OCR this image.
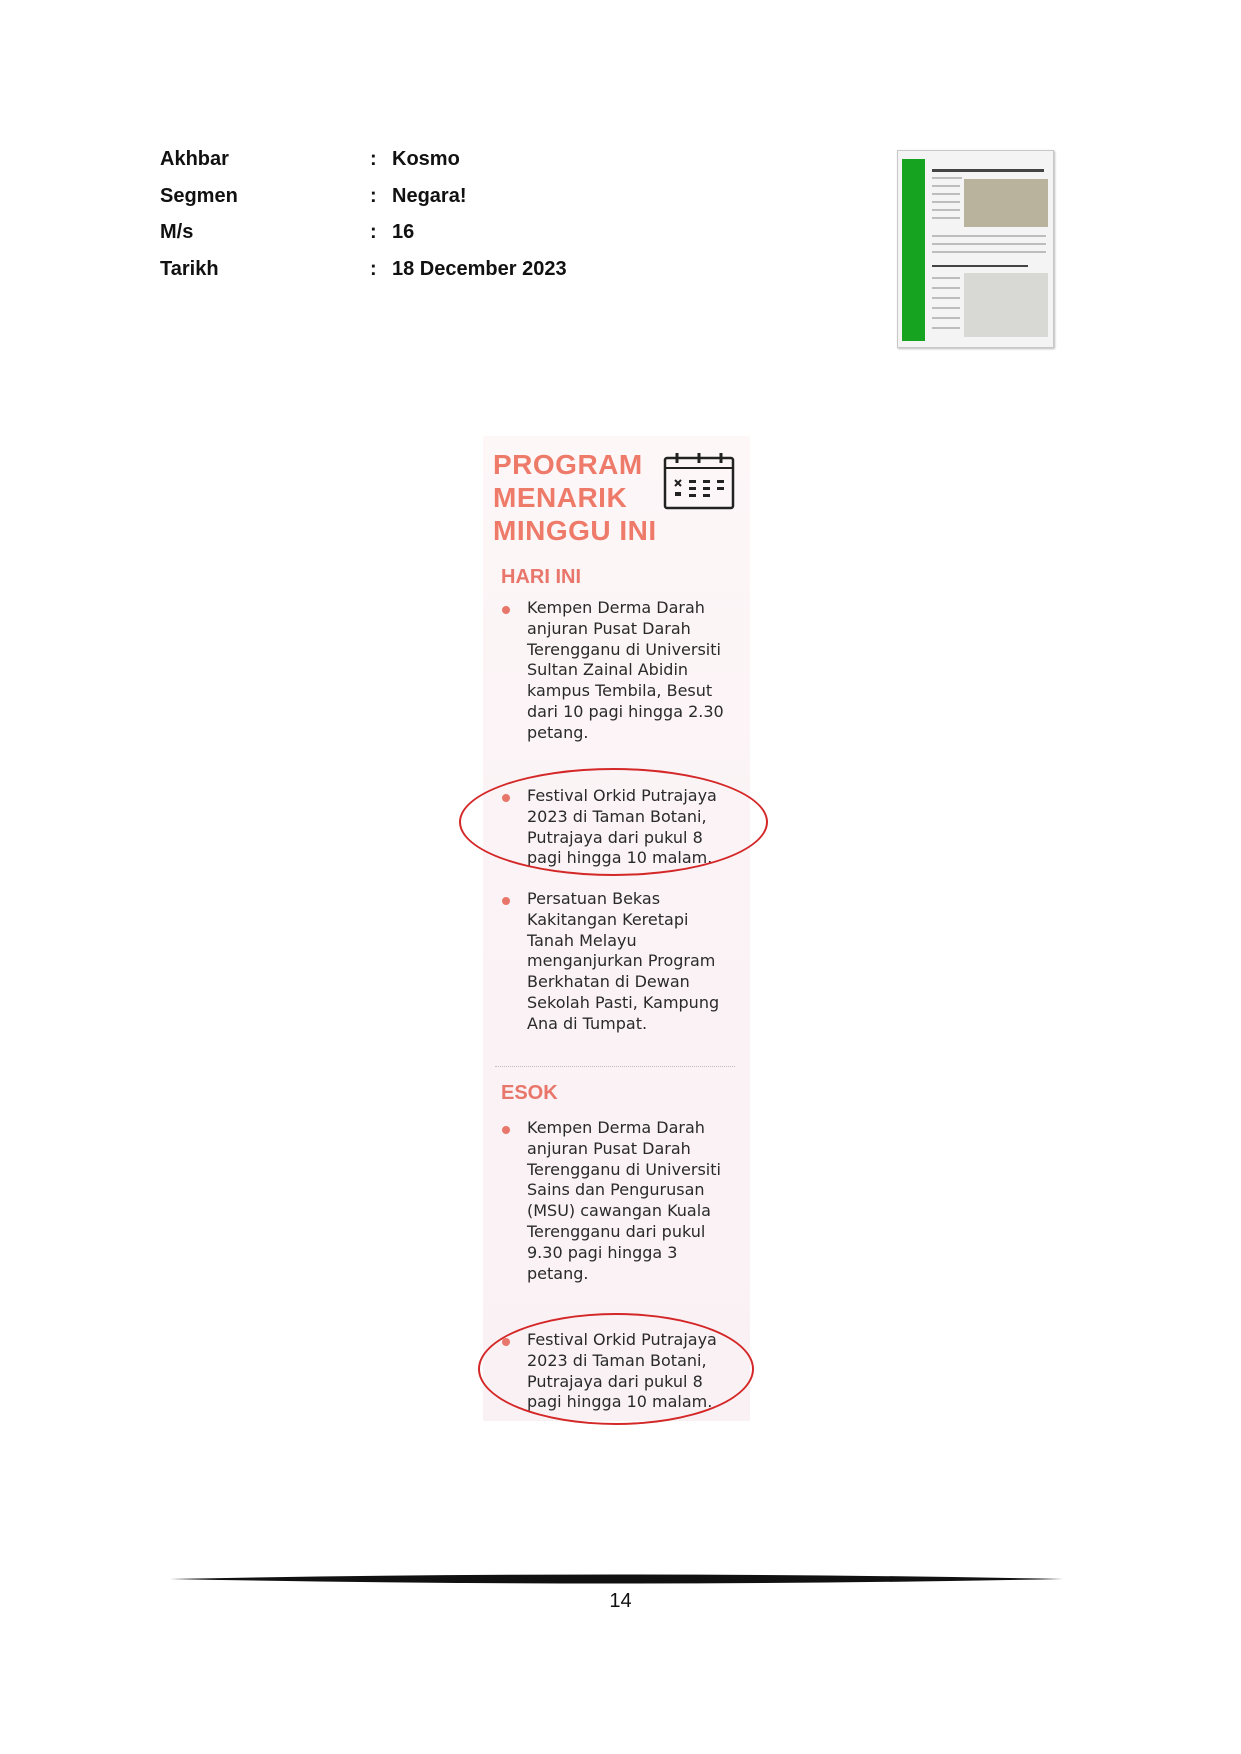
Akhbar	: Kosmo
Segmen	: Negara!
M/s	: 16
Tarikh	: 18 December 2023
PROGRAM
MENARIK
MINGGU INI
HARI INI
Kempen Derma Darah anjuran Pusat Darah Terengganu di Universiti Sultan Zainal Abidin kampus Tembila, Besut dari 10 pagi hingga 2.30 petang.
Festival Orkid Putrajaya 2023 di Taman Botani, Putrajaya dari pukul 8 pagi hingga 10 malam.
Persatuan Bekas Kakitangan Keretapi Tanah Melayu menganjurkan Program Berkhatan di Dewan Sekolah Pasti, Kampung Ana di Tumpat.
ESOK
Kempen Derma Darah anjuran Pusat Darah Terengganu di Universiti Sains dan Pengurusan (MSU) cawangan Kuala Terengganu dari pukul 9.30 pagi hingga 3 petang.
Festival Orkid Putrajaya 2023 di Taman Botani, Putrajaya dari pukul 8 pagi hingga 10 malam.
14
